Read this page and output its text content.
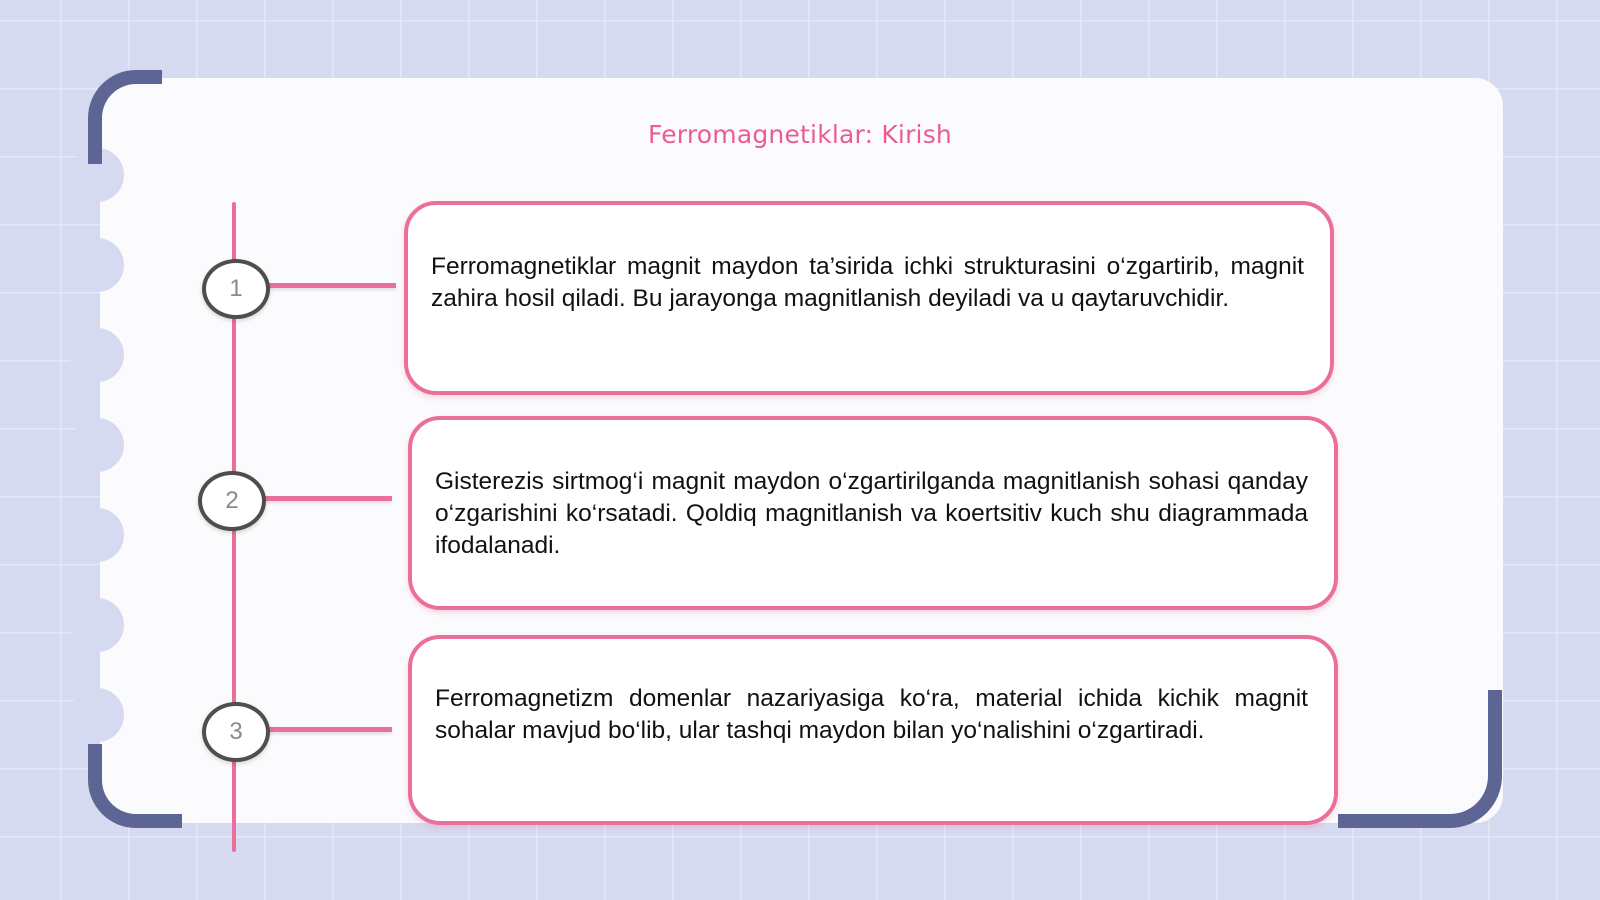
Ferromagnetiklar: Kirish
1
Ferromagnetiklar magnit maydon ta’sirida ichki strukturasini o‘zgartirib, magnit zahira hosil qiladi. Bu jarayonga magnitlanish deyiladi va u qaytaruvchidir.
2
Gisterezis sirtmog‘i magnit maydon o‘zgartirilganda magnitlanish sohasi qanday o‘zgarishini ko‘rsatadi. Qoldiq magnitlanish va koertsitiv kuch shu diagrammada ifodalanadi.
3
Ferromagnetizm domenlar nazariyasiga ko‘ra, material ichida kichik magnit sohalar mavjud bo‘lib, ular tashqi maydon bilan yo‘nalishini o‘zgartiradi.
